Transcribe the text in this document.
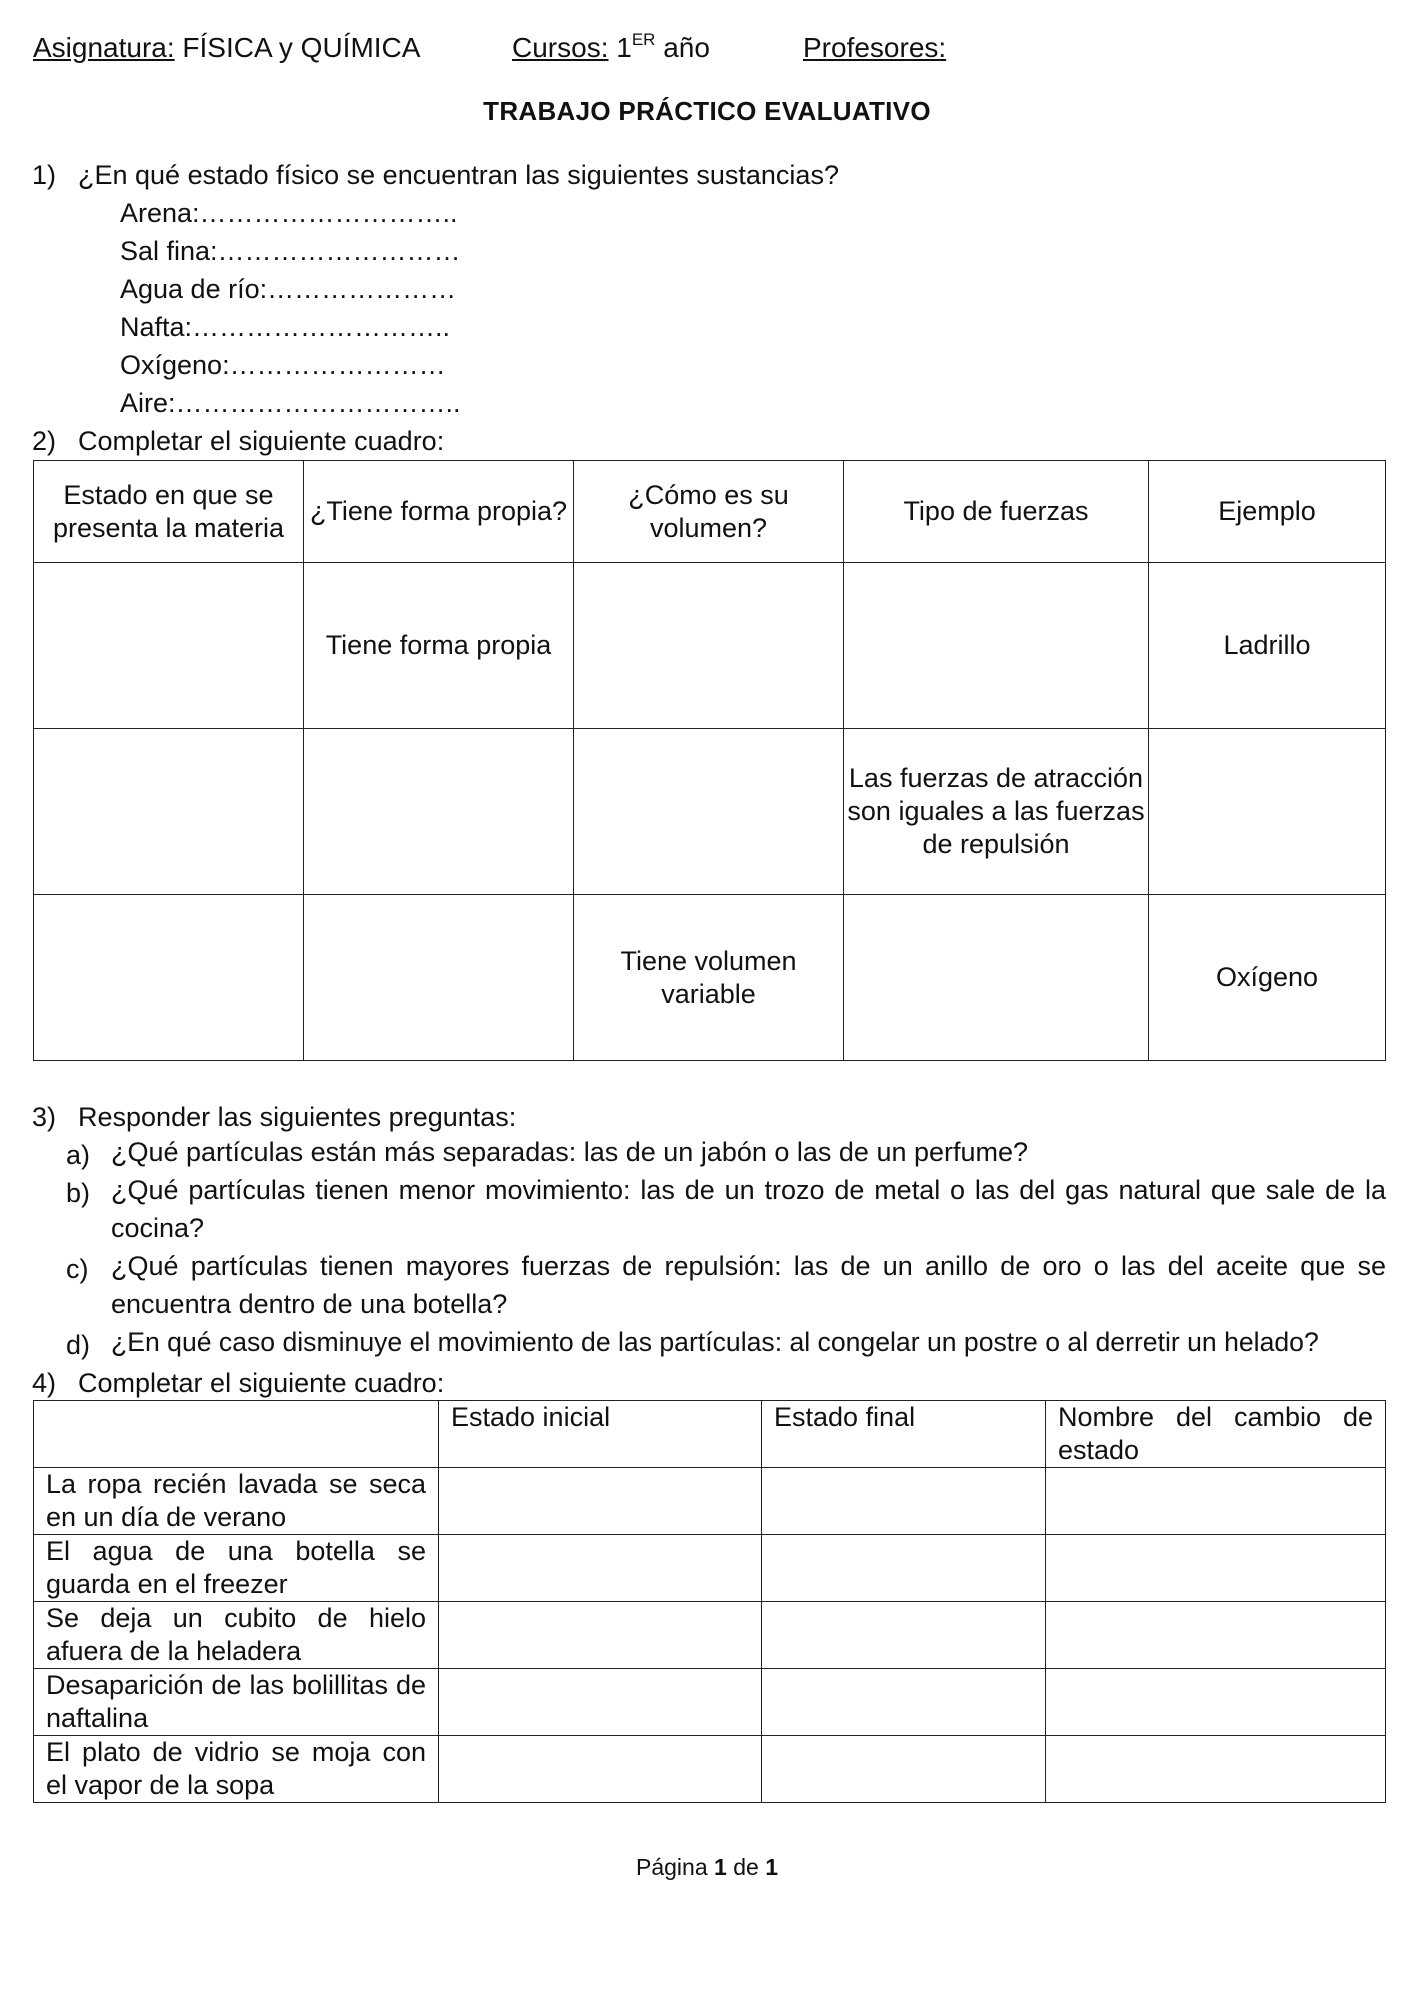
Asignatura: FÍSICA y QUÍMICA	Cursos: 1ER año	Profesores:
TRABAJO PRÁCTICO EVALUATIVO
1) ¿En qué estado físico se encuentran las siguientes sustancias?
Arena:………………………..
Sal fina:………………………
Agua de río:…………………
Nafta:………………………..
Oxígeno:……………………
Aire:…………………………..
2) Completar el siguiente cuadro:
Estado en que se presenta la materia	¿Tiene forma propia?	¿Cómo es su volumen?	Tipo de fuerzas	Ejemplo
	Tiene forma propia			Ladrillo
			Las fuerzas de atracción son iguales a las fuerzas de repulsión	
		Tiene volumen variable		Oxígeno
3) Responder las siguientes preguntas:
a) ¿Qué partículas están más separadas: las de un jabón o las de un perfume?
b) ¿Qué partículas tienen menor movimiento: las de un trozo de metal o las del gas natural que sale de la cocina?
c) ¿Qué partículas tienen mayores fuerzas de repulsión: las de un anillo de oro o las del aceite que se encuentra dentro de una botella?
d) ¿En qué caso disminuye el movimiento de las partículas: al congelar un postre o al derretir un helado?
4) Completar el siguiente cuadro:
	Estado inicial	Estado final	Nombre del cambio de estado
La ropa recién lavada se seca en un día de verano			
El agua de una botella se guarda en el freezer			
Se deja un cubito de hielo afuera de la heladera			
Desaparición de las bolillitas de naftalina			
El plato de vidrio se moja con el vapor de la sopa			
Página 1 de 1
